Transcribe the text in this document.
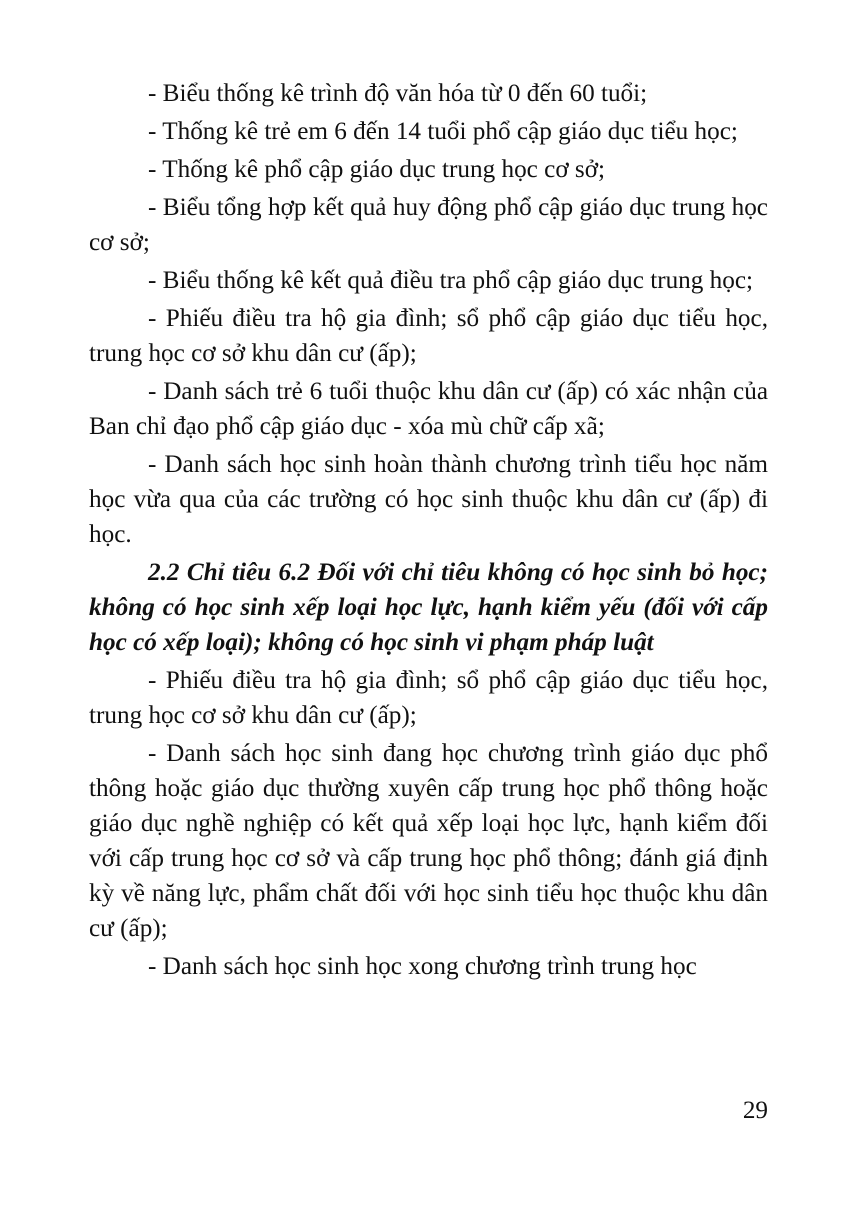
- Biểu thống kê trình độ văn hóa từ 0 đến 60 tuổi;

- Thống kê trẻ em 6 đến 14 tuổi phổ cập giáo dục tiểu học;

- Thống kê phổ cập giáo dục trung học cơ sở;

- Biểu tổng hợp kết quả huy động phổ cập giáo dục trung học cơ sở;

- Biểu thống kê kết quả điều tra phổ cập giáo dục trung học;

- Phiếu điều tra hộ gia đình; sổ phổ cập giáo dục tiểu học, trung học cơ sở khu dân cư (ấp);

- Danh sách trẻ 6 tuổi thuộc khu dân cư (ấp) có xác nhận của Ban chỉ đạo phổ cập giáo dục - xóa mù chữ cấp xã;

- Danh sách học sinh hoàn thành chương trình tiểu học năm học vừa qua của các trường có học sinh thuộc khu dân cư (ấp) đi học.

2.2 Chỉ tiêu 6.2 Đối với chỉ tiêu không có học sinh bỏ học; không có học sinh xếp loại học lực, hạnh kiểm yếu (đối với cấp học có xếp loại); không có học sinh vi phạm pháp luật

- Phiếu điều tra hộ gia đình; sổ phổ cập giáo dục tiểu học, trung học cơ sở khu dân cư (ấp);

- Danh sách học sinh đang học chương trình giáo dục phổ thông hoặc giáo dục thường xuyên cấp trung học phổ thông hoặc giáo dục nghề nghiệp có kết quả xếp loại học lực, hạnh kiểm đối với cấp trung học cơ sở và cấp trung học phổ thông; đánh giá định kỳ về năng lực, phẩm chất đối với học sinh tiểu học thuộc khu dân cư (ấp);

- Danh sách học sinh học xong chương trình trung học

29
